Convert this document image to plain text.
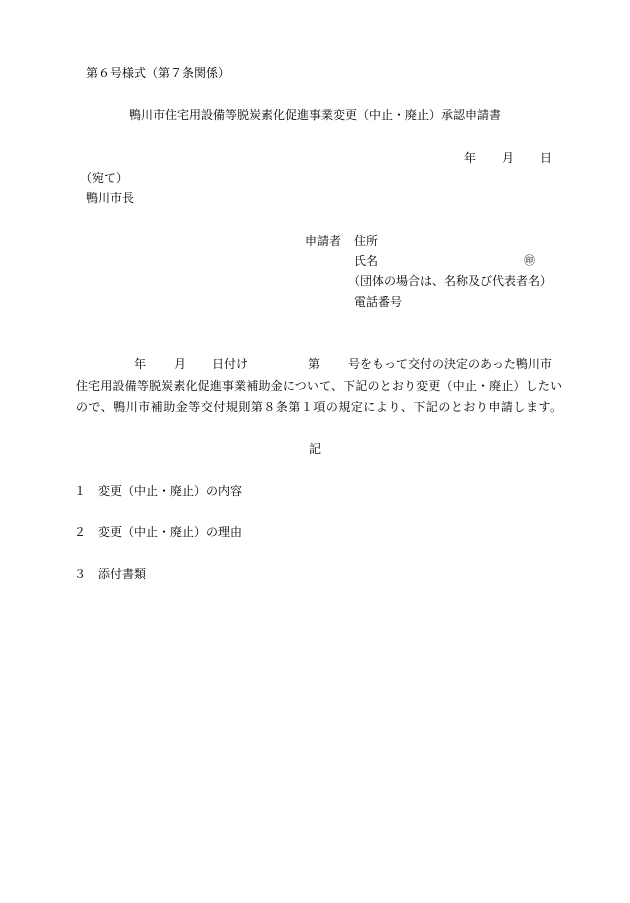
第６号様式（第７条関係）
鴨川市住宅用設備等脱炭素化促進事業変更（中止・廃止）承認申請書
年 月 日
（宛て）
鴨川市長
申請者 住所
氏名	㊞
（団体の場合は、名称及び代表者名）
電話番号
年 月 日付け	第 号をもって交付の決定のあった鴨川市
住宅用設備等脱炭素化促進事業補助金について、下記のとおり変更（中止・廃止）したい
ので、鴨川市補助金等交付規則第８条第１項の規定により、下記のとおり申請します。
記
１ 変更（中止・廃止）の内容
２ 変更（中止・廃止）の理由
３ 添付書類
